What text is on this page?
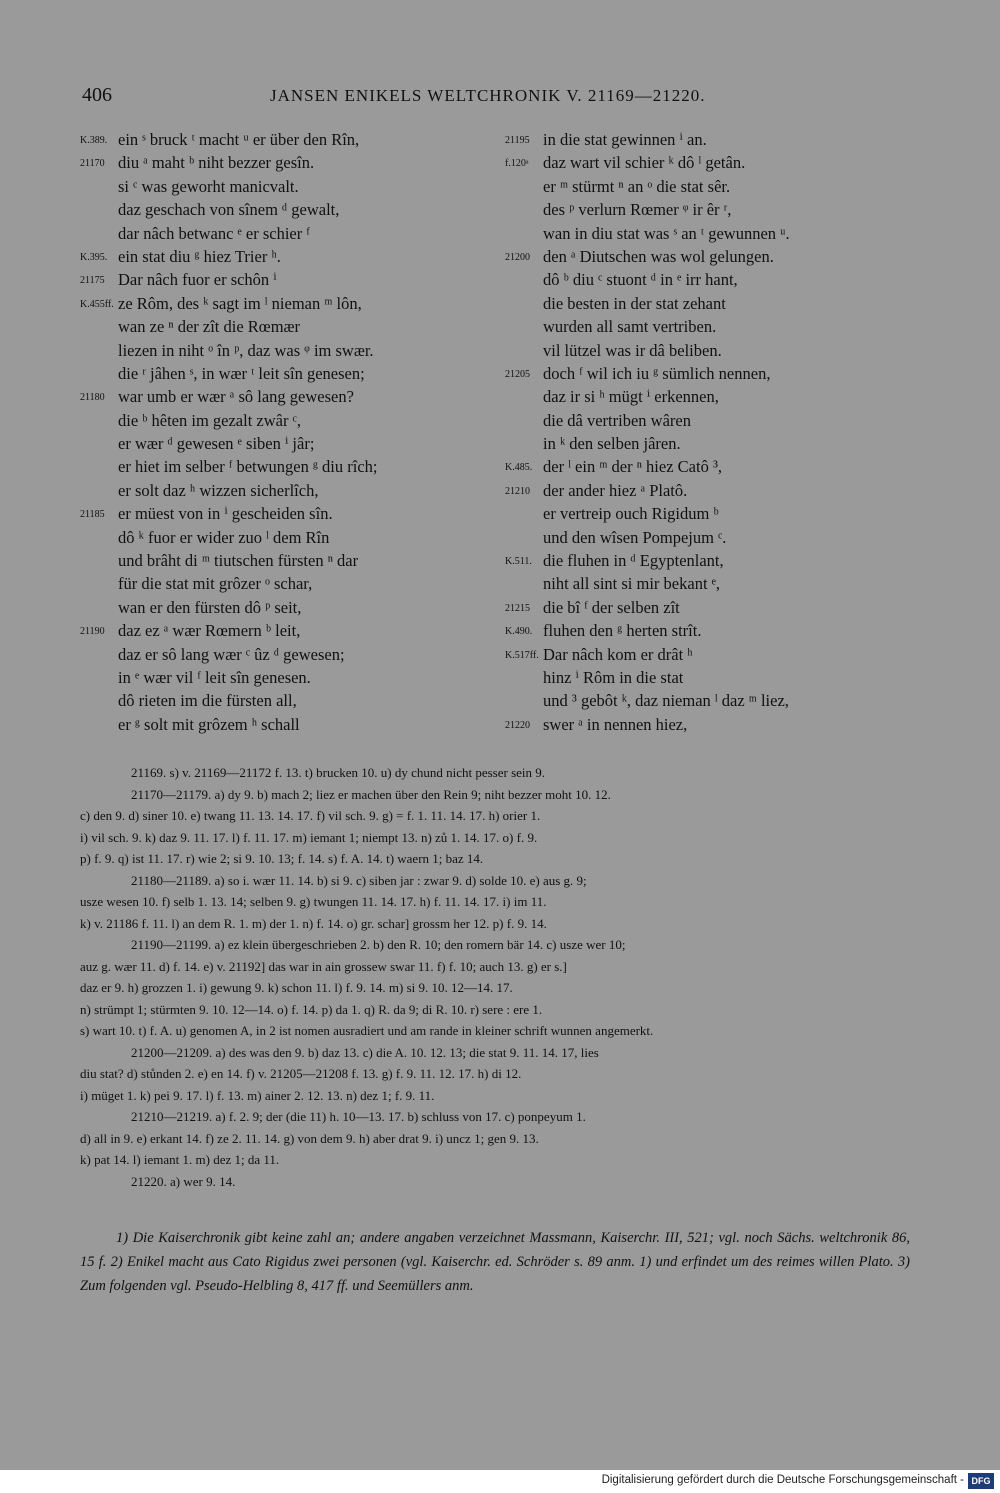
406	JANSEN ENIKELS WELTCHRONIK V. 21169—21220.
K.389. ein ˢ bruck ᵗ macht ᵘ er über den Rîn,
21170 diu ᵃ maht ᵇ niht bezzer gesîn.
si ᶜ was geworht manicvalt.
daz geschach von sînem ᵈ gewalt,
dar nâch betwanc ᵉ er schier ᶠ
K.395. ein stat diu ᵍ hiez Trier ʰ.
21175 Dar nâch fuor er schôn ⁱ
K.455ff. ze Rôm, des ᵏ sagt im ˡ nieman ᵐ lôn,
wan ze ⁿ der zît die Rœmær
liezen in niht ᵒ în ᵖ, daz was ᵠ im swær.
die ʳ jâhen ˢ, in wær ᵗ leit sîn genesen;
21180 war umb er wær ᵃ sô lang gewesen?
die ᵇ hêten im gezalt zwâr ᶜ,
er wær ᵈ gewesen ᵉ siben ⁱ jâr;
er hiet im selber ᶠ betwungen ᵍ diu rîch;
er solt daz ʰ wizzen sicherlîch,
21185 er müest von in ⁱ gescheiden sîn.
dô ᵏ fuor er wider zuo ˡ dem Rîn
und brâht di ᵐ tiutschen fürsten ⁿ dar
für die stat mit grôzer ᵒ schar,
wan er den fürsten dô ᵖ seit,
21190 daz ez ᵃ wær Rœmern ᵇ leit,
daz er sô lang wær ᶜ ûz ᵈ gewesen;
in ᵉ wær vil ᶠ leit sîn genesen.
dô rieten im die fürsten all,
er ᵍ solt mit grôzem ʰ schall
21195 in die stat gewinnen ⁱ an.
f.120ᵃ daz wart vil schier ᵏ dô ˡ getân.
er ᵐ stürmt ⁿ an ᵒ die stat sêr.
des ᵖ verlurn Rœmer ᵠ ir êr ʳ,
wan in diu stat was ˢ an ᵗ gewunnen ᵘ.
21200 den ᵃ Diutschen was wol gelungen.
dô ᵇ diu ᶜ stuont ᵈ in ᵉ irr hant,
die besten in der stat zehant
wurden all samt vertriben.
vil lützel was ir dâ beliben.
21205 doch ᶠ wil ich iu ᵍ sümlich nennen,
daz ir si ʰ mügt ⁱ erkennen,
die dâ vertriben wâren
in ᵏ den selben jâren.
K.485. der ˡ ein ᵐ der ⁿ hiez Catô ³,
21210 der ander hiez ᵃ Platô.
er vertreip ouch Rigidum ᵇ
und den wîsen Pompejum ᶜ.
K.511. die fluhen in ᵈ Egyptenlant,
niht all sint si mir bekant ᵉ,
21215 die bî ᶠ der selben zît
K.490. fluhen den ᵍ herten strît.
K.517ff. Dar nâch kom er drât ʰ
hinz ⁱ Rôm in die stat
und ³ gebôt ᵏ, daz nieman ˡ daz ᵐ liez,
21220 swer ᵃ in nennen hiez,

21169. s) v. 21169—21172 f. 13. t) brucken 10. u) dy chund nicht pesser sein 9.

21170—21179. a) dy 9. b) mach 2; liez er machen über den Rein 9; niht bezzer moht 10. 12.

c) den 9. d) siner 10. e) twang 11. 13. 14. 17. f) vil sch. 9. g) = f. 1. 11. 14. 17. h) orier 1.

i) vil sch. 9. k) daz 9. 11. 17. l) f. 11. 17. m) iemant 1; niempt 13. n) zů 1. 14. 17. o) f. 9.

p) f. 9. q) ist 11. 17. r) wie 2; si 9. 10. 13; f. 14. s) f. A. 14. t) waern 1; baz 14.

21180—21189. a) so i. wær 11. 14. b) si 9. c) siben jar : zwar 9. d) solde 10. e) aus g. 9;

usze wesen 10. f) selb 1. 13. 14; selben 9. g) twungen 11. 14. 17. h) f. 11. 14. 17. i) im 11.

k) v. 21186 f. 11. l) an dem R. 1. m) der 1. n) f. 14. o) gr. schar] grossm her 12. p) f. 9. 14.

21190—21199. a) ez klein übergeschrieben 2. b) den R. 10; den romern bär 14. c) usze wer 10;

auz g. wær 11. d) f. 14. e) v. 21192] das war in ain grossew swar 11. f) f. 10; auch 13. g) er s.]

daz er 9. h) grozzen 1. i) gewung 9. k) schon 11. l) f. 9. 14. m) si 9. 10. 12—14. 17.

n) strümpt 1; stürmten 9. 10. 12—14. o) f. 14. p) da 1. q) R. da 9; di R. 10. r) sere : ere 1.

s) wart 10. t) f. A. u) genomen A, in 2 ist nomen ausradiert und am rande in kleiner schrift wunnen angemerkt.

21200—21209. a) des was den 9. b) daz 13. c) die A. 10. 12. 13; die stat 9. 11. 14. 17, lies

diu stat? d) stůnden 2. e) en 14. f) v. 21205—21208 f. 13. g) f. 9. 11. 12. 17. h) di 12.

i) müget 1. k) pei 9. 17. l) f. 13. m) ainer 2. 12. 13. n) dez 1; f. 9. 11.

21210—21219. a) f. 2. 9; der (die 11) h. 10—13. 17. b) schluss von 17. c) ponpeyum 1.

d) all in 9. e) erkant 14. f) ze 2. 11. 14. g) von dem 9. h) aber drat 9. i) uncz 1; gen 9. 13.

k) pat 14. l) iemant 1. m) dez 1; da 11.

21220. a) wer 9. 14.

1) Die Kaiserchronik gibt keine zahl an; andere angaben verzeichnet Massmann, Kaiserchr. III, 521; vgl. noch Sächs. weltchronik 86, 15 f. 2) Enikel macht aus Cato Rigidus zwei personen (vgl. Kaiserchr. ed. Schröder s. 89 anm. 1) und erfindet um des reimes willen Plato. 3) Zum folgenden vgl. Pseudo-Helbling 8, 417 ff. und Seemüllers anm.

Digitalisierung gefördert durch die Deutsche Forschungsgemeinschaft - DFG
